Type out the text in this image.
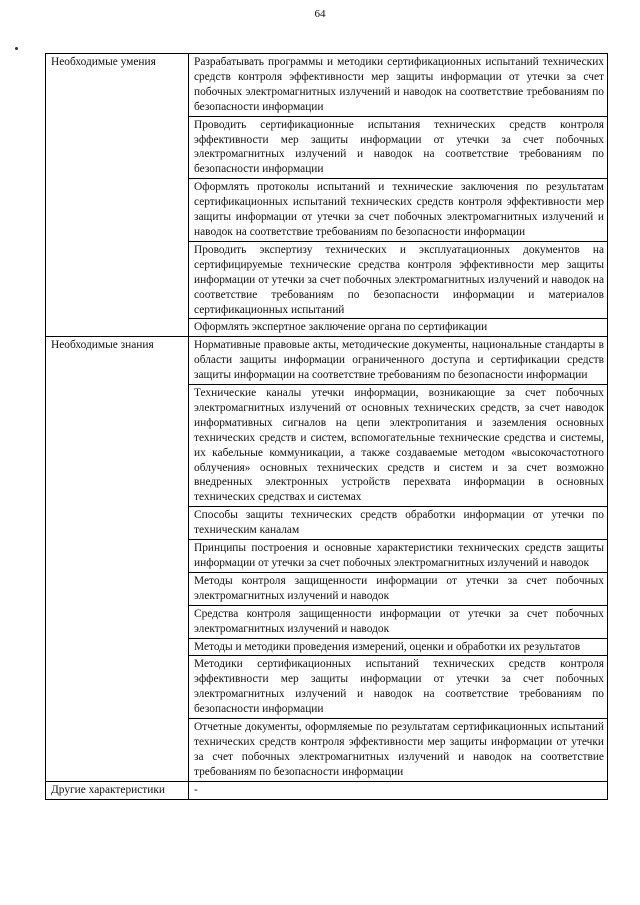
64
Необходимые умения	Разрабатывать программы и методики сертификационных испытаний технических средств контроля эффективности мер защиты информации от утечки за счет побочных электромагнитных излучений и наводок на соответствие требованиям по безопасности информации
	Проводить сертификационные испытания технических средств контроля эффективности мер защиты информации от утечки за счет побочных электромагнитных излучений и наводок на соответствие требованиям по безопасности информации
	Оформлять протоколы испытаний и технические заключения по результатам сертификационных испытаний технических средств контроля эффективности мер защиты информации от утечки за счет побочных электромагнитных излучений и наводок на соответствие требованиям по безопасности информации
	Проводить экспертизу технических и эксплуатационных документов на сертифицируемые технические средства контроля эффективности мер защиты информации от утечки за счет побочных электромагнитных излучений и наводок на соответствие требованиям по безопасности информации и материалов сертификационных испытаний
	Оформлять экспертное заключение органа по сертификации
Необходимые знания	Нормативные правовые акты, методические документы, национальные стандарты в области защиты информации ограниченного доступа и сертификации средств защиты информации на соответствие требованиям по безопасности информации
	Технические каналы утечки информации, возникающие за счет побочных электромагнитных излучений от основных технических средств, за счет наводок информативных сигналов на цепи электропитания и заземления основных технических средств и систем, вспомогательные технические средства и системы, их кабельные коммуникации, а также создаваемые методом «высокочастотного облучения» основных технических средств и систем и за счет возможно внедренных электронных устройств перехвата информации в основных технических средствах и системах
	Способы защиты технических средств обработки информации от утечки по техническим каналам
	Принципы построения и основные характеристики технических средств защиты информации от утечки за счет побочных электромагнитных излучений и наводок
	Методы контроля защищенности информации от утечки за счет побочных электромагнитных излучений и наводок
	Средства контроля защищенности информации от утечки за счет побочных электромагнитных излучений и наводок
	Методы и методики проведения измерений, оценки и обработки их результатов
	Методики сертификационных испытаний технических средств контроля эффективности мер защиты информации от утечки за счет побочных электромагнитных излучений и наводок на соответствие требованиям по безопасности информации
	Отчетные документы, оформляемые по результатам сертификационных испытаний технических средств контроля эффективности мер защиты информации от утечки за счет побочных электромагнитных излучений и наводок на соответствие требованиям по безопасности информации
Другие характеристики	-
